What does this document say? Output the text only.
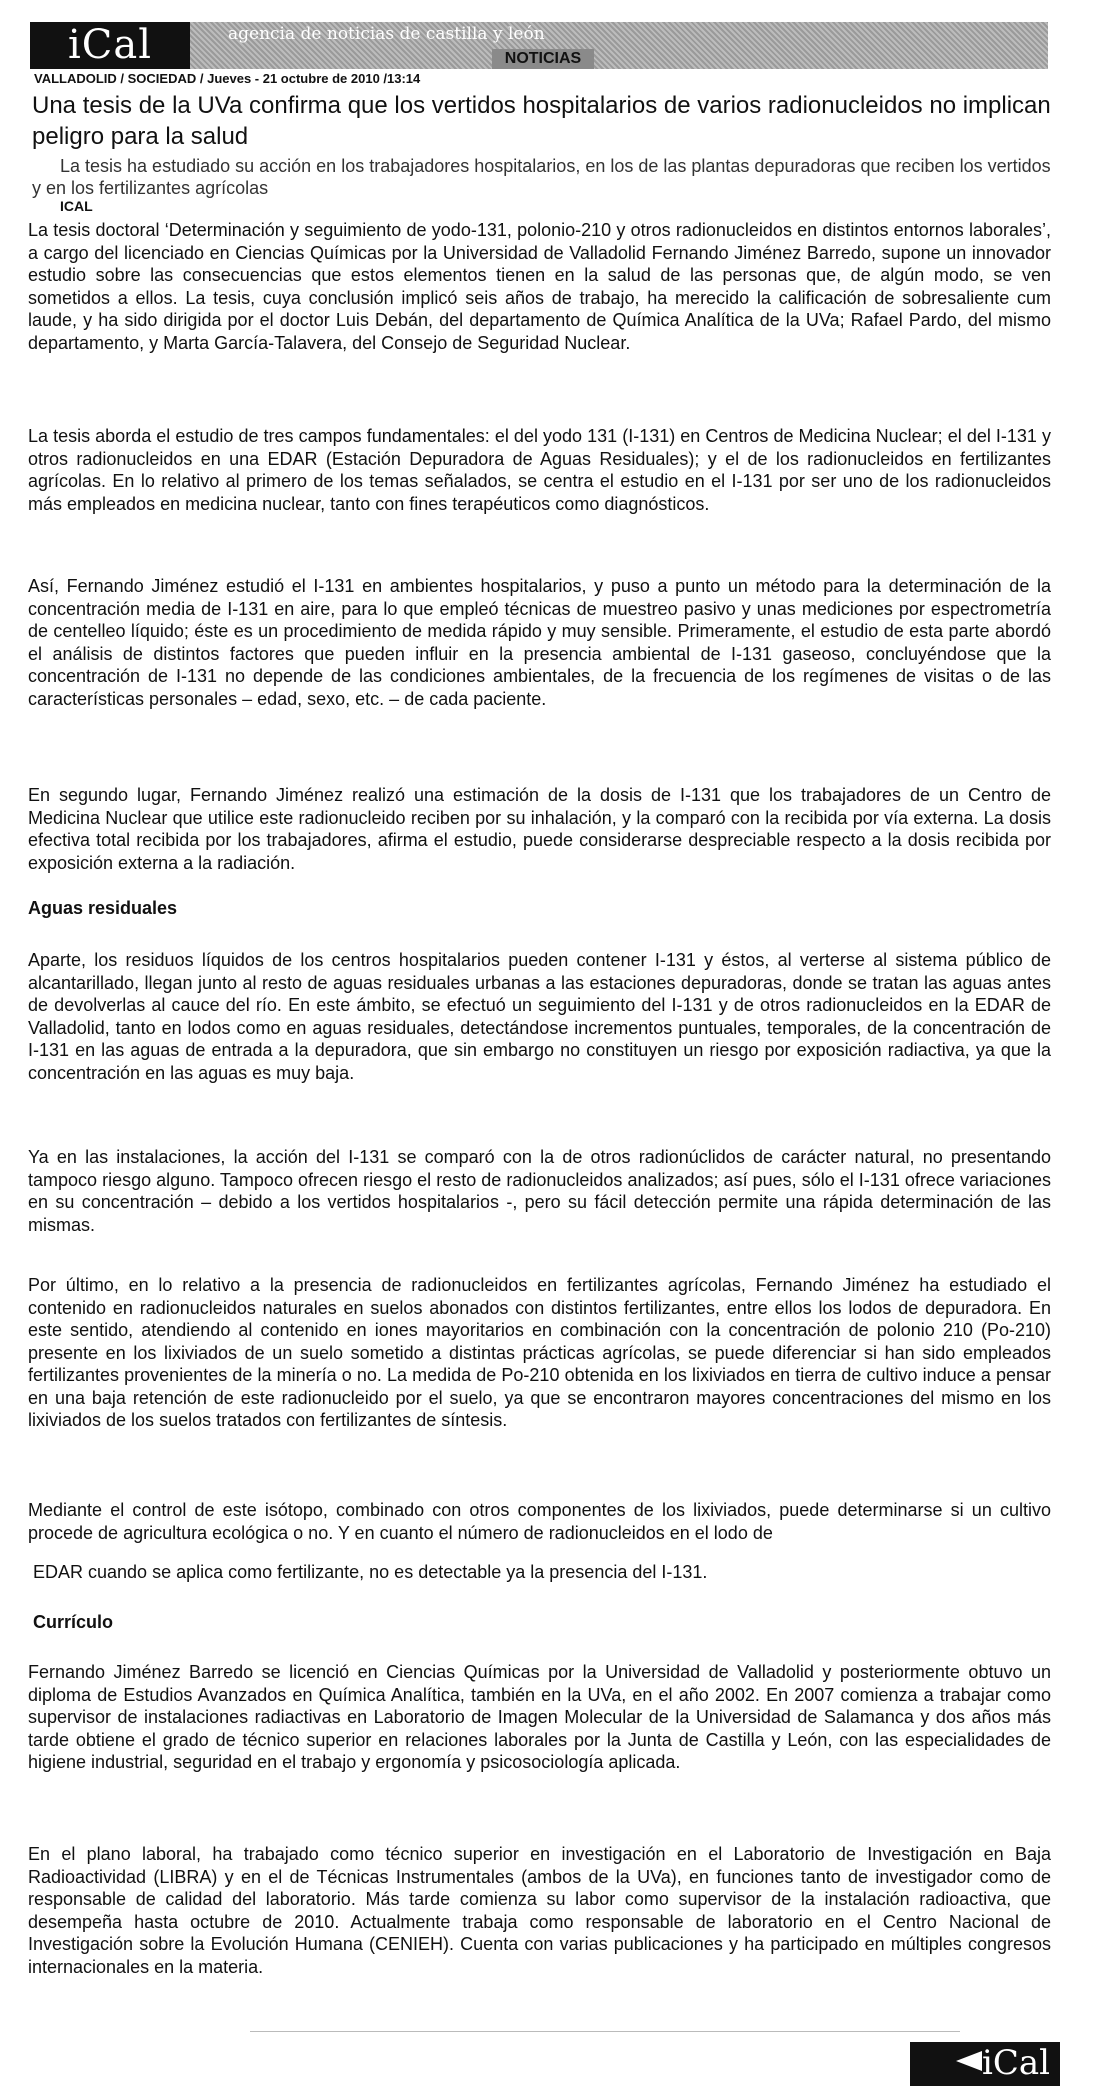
iCal	agencia de noticias de castilla y león
NOTICIAS
VALLADOLID / SOCIEDAD / Jueves - 21 octubre de 2010 /13:14
Una tesis de la UVa confirma que los vertidos hospitalarios de varios radionucleidos no implican peligro para la salud
La tesis ha estudiado su acción en los trabajadores hospitalarios, en los de las plantas depuradoras que reciben los vertidos y en los fertilizantes agrícolas
ICAL

La tesis doctoral ‘Determinación y seguimiento de yodo-131, polonio-210 y otros radionucleidos en distintos entornos laborales’, a cargo del licenciado en Ciencias Químicas por la Universidad de Valladolid Fernando Jiménez Barredo, supone un innovador estudio sobre las consecuencias que estos elementos tienen en la salud de las personas que, de algún modo, se ven sometidos a ellos. La tesis, cuya conclusión implicó seis años de trabajo, ha merecido la calificación de sobresaliente cum laude, y ha sido dirigida por el doctor Luis Debán, del departamento de Química Analítica de la UVa; Rafael Pardo, del mismo departamento, y Marta García-Talavera, del Consejo de Seguridad Nuclear.

La tesis aborda el estudio de tres campos fundamentales: el del yodo 131 (I-131) en Centros de Medicina Nuclear; el del I-131 y otros radionucleidos en una EDAR (Estación Depuradora de Aguas Residuales); y el de los radionucleidos en fertilizantes agrícolas. En lo relativo al primero de los temas señalados, se centra el estudio en el I-131 por ser uno de los radionucleidos más empleados en medicina nuclear, tanto con fines terapéuticos como diagnósticos.

Así, Fernando Jiménez estudió el I-131 en ambientes hospitalarios, y puso a punto un método para la determinación de la concentración media de I-131 en aire, para lo que empleó técnicas de muestreo pasivo y unas mediciones por espectrometría de centelleo líquido; éste es un procedimiento de medida rápido y muy sensible. Primeramente, el estudio de esta parte abordó el análisis de distintos factores que pueden influir en la presencia ambiental de I-131 gaseoso, concluyéndose que la concentración de I-131 no depende de las condiciones ambientales, de la frecuencia de los regímenes de visitas o de las características personales – edad, sexo, etc. – de cada paciente.

En segundo lugar, Fernando Jiménez realizó una estimación de la dosis de I-131 que los trabajadores de un Centro de Medicina Nuclear que utilice este radionucleido reciben por su inhalación, y la comparó con la recibida por vía externa. La dosis efectiva total recibida por los trabajadores, afirma el estudio, puede considerarse despreciable respecto a la dosis recibida por exposición externa a la radiación.

Aguas residuales

Aparte, los residuos líquidos de los centros hospitalarios pueden contener I-131 y éstos, al verterse al sistema público de alcantarillado, llegan junto al resto de aguas residuales urbanas a las estaciones depuradoras, donde se tratan las aguas antes de devolverlas al cauce del río. En este ámbito, se efectuó un seguimiento del I-131 y de otros radionucleidos en la EDAR de Valladolid, tanto en lodos como en aguas residuales, detectándose incrementos puntuales, temporales, de la concentración de I-131 en las aguas de entrada a la depuradora, que sin embargo no constituyen un riesgo por exposición radiactiva, ya que la concentración en las aguas es muy baja.

Ya en las instalaciones, la acción del I-131 se comparó con la de otros radionúclidos de carácter natural, no presentando tampoco riesgo alguno. Tampoco ofrecen riesgo el resto de radionucleidos analizados; así pues, sólo el I-131 ofrece variaciones en su concentración – debido a los vertidos hospitalarios -, pero su fácil detección permite una rápida determinación de las mismas.

Por último, en lo relativo a la presencia de radionucleidos en fertilizantes agrícolas, Fernando Jiménez ha estudiado el contenido en radionucleidos naturales en suelos abonados con distintos fertilizantes, entre ellos los lodos de depuradora. En este sentido, atendiendo al contenido en iones mayoritarios en combinación con la concentración de polonio 210 (Po-210) presente en los lixiviados de un suelo sometido a distintas prácticas agrícolas, se puede diferenciar si han sido empleados fertilizantes provenientes de la minería o no. La medida de Po-210 obtenida en los lixiviados en tierra de cultivo induce a pensar en una baja retención de este radionucleido por el suelo, ya que se encontraron mayores concentraciones del mismo en los lixiviados de los suelos tratados con fertilizantes de síntesis.

Mediante el control de este isótopo, combinado con otros componentes de los lixiviados, puede determinarse si un cultivo procede de agricultura ecológica o no. Y en cuanto el número de radionucleidos en el lodo de

EDAR cuando se aplica como fertilizante, no es detectable ya la presencia del I-131.

Currículo

Fernando Jiménez Barredo se licenció en Ciencias Químicas por la Universidad de Valladolid y posteriormente obtuvo un diploma de Estudios Avanzados en Química Analítica, también en la UVa, en el año 2002. En 2007 comienza a trabajar como supervisor de instalaciones radiactivas en Laboratorio de Imagen Molecular de la Universidad de Salamanca y dos años más tarde obtiene el grado de técnico superior en relaciones laborales por la Junta de Castilla y León, con las especialidades de higiene industrial, seguridad en el trabajo y ergonomía y psicosociología aplicada.

En el plano laboral, ha trabajado como técnico superior en investigación en el Laboratorio de Investigación en Baja Radioactividad (LIBRA) y en el de Técnicas Instrumentales (ambos de la UVa), en funciones tanto de investigador como de responsable de calidad del laboratorio. Más tarde comienza su labor como supervisor de la instalación radioactiva, que desempeña hasta octubre de 2010. Actualmente trabaja como responsable de laboratorio en el Centro Nacional de Investigación sobre la Evolución Humana (CENIEH). Cuenta con varias publicaciones y ha participado en múltiples congresos internacionales en la materia.

iCal
